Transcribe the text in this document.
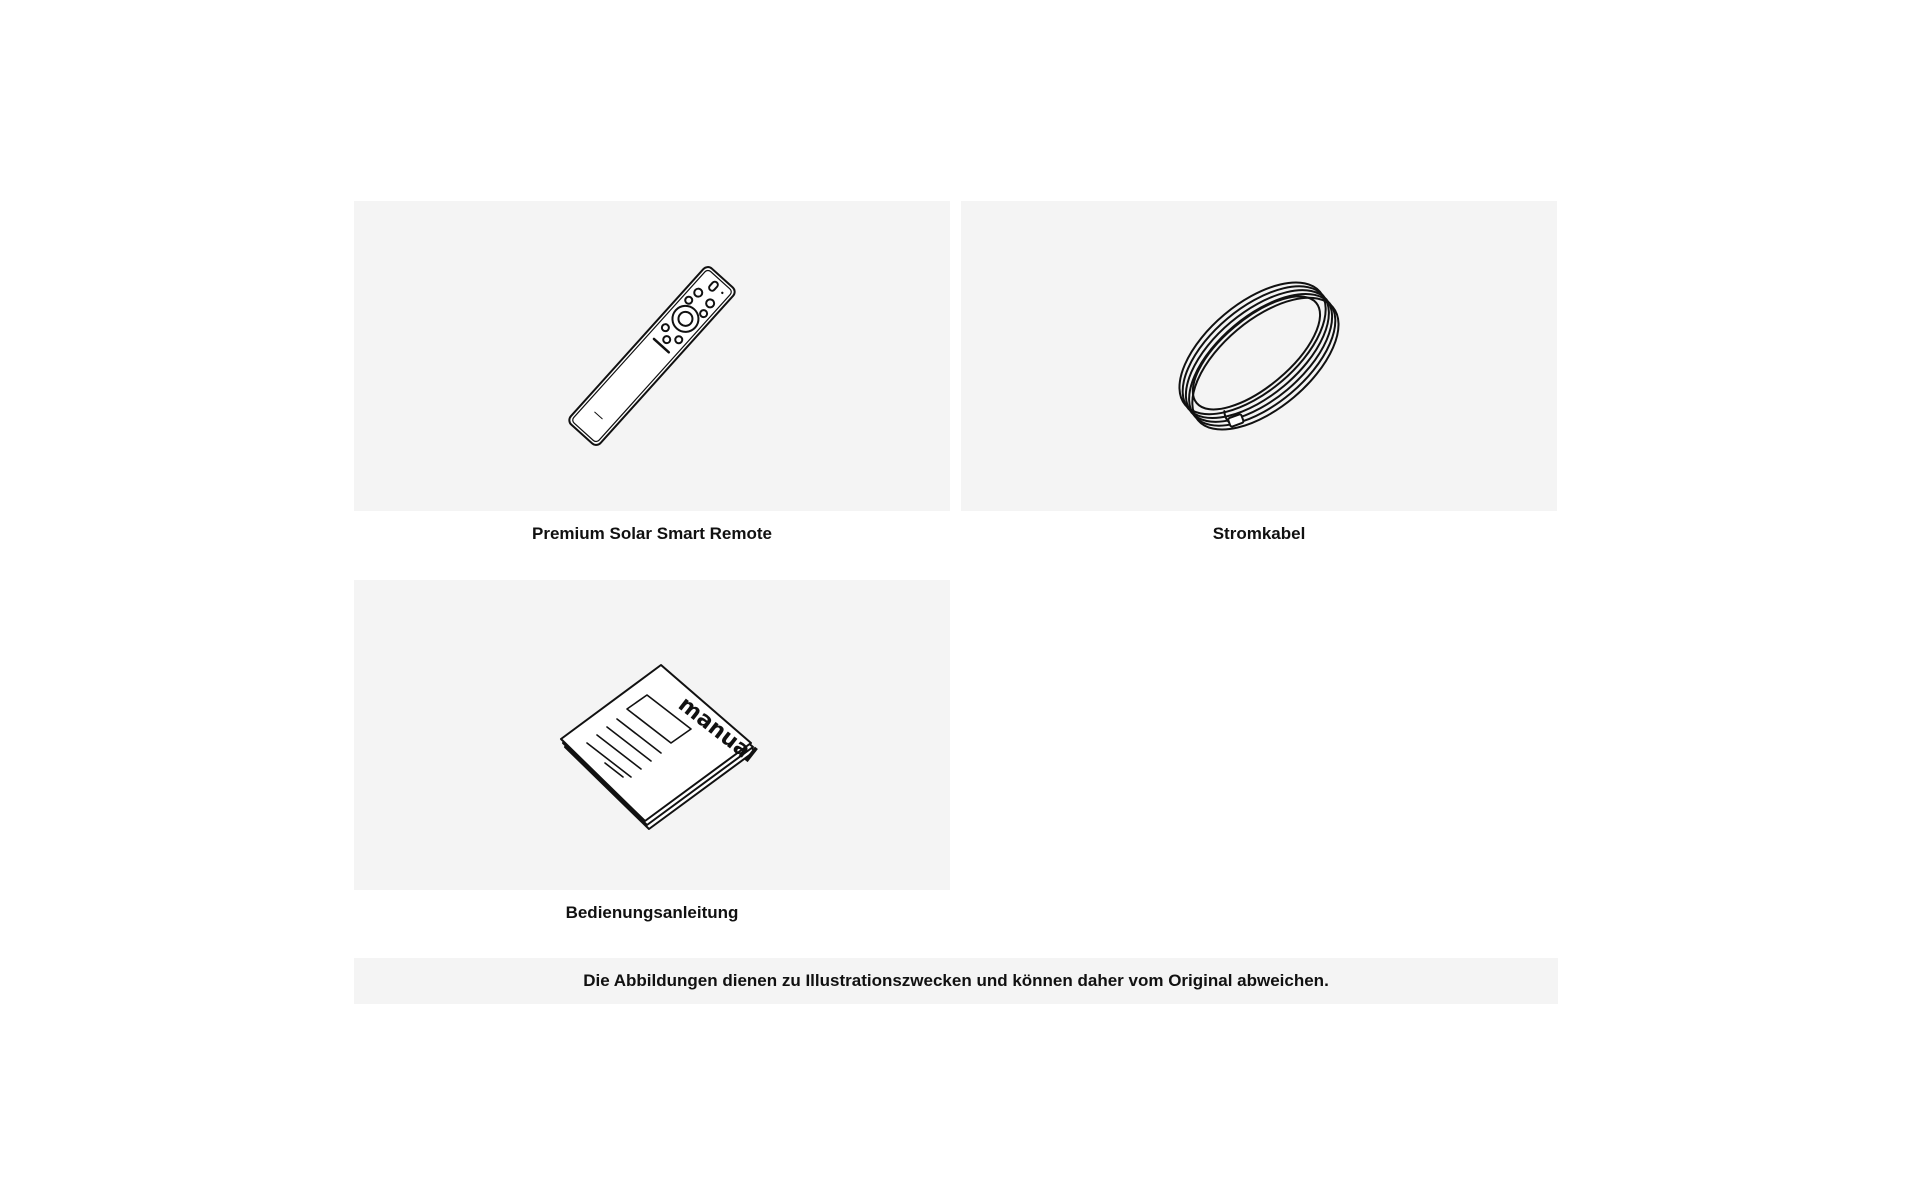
Premium Solar Smart Remote	Stromkabel
manual
Bedienungsanleitung
Die Abbildungen dienen zu Illustrationszwecken und können daher vom Original abweichen.
